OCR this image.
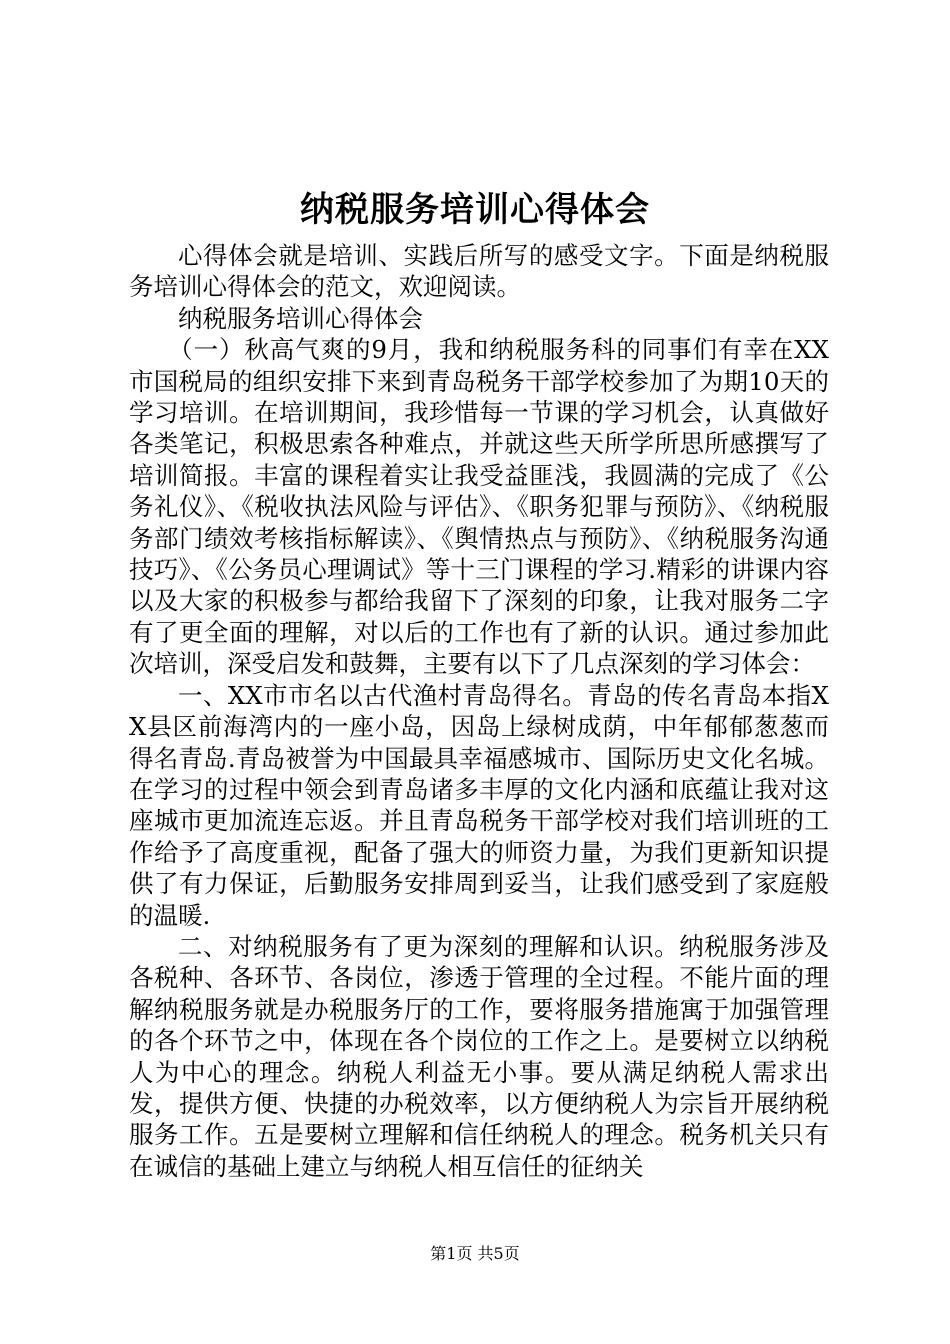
纳税服务培训心得体会

心得体会就是培训、实践后所写的感受文字。下面是纳税服务培训心得体会的范文，欢迎阅读。

纳税服务培训心得体会

（一）秋高气爽的9月，我和纳税服务科的同事们有幸在XX市国税局的组织安排下来到青岛税务干部学校参加了为期10天的学习培训。在培训期间，我珍惜每一节课的学习机会，认真做好各类笔记，积极思索各种难点，并就这些天所学所思所感撰写了培训简报。丰富的课程着实让我受益匪浅，我圆满的完成了《公务礼仪》、《税收执法风险与评估》、《职务犯罪与预防》、《纳税服务部门绩效考核指标解读》、《舆情热点与预防》、《纳税服务沟通技巧》、《公务员心理调试》等十三门课程的学习.精彩的讲课内容以及大家的积极参与都给我留下了深刻的印象，让我对服务二字有了更全面的理解，对以后的工作也有了新的认识。通过参加此次培训，深受启发和鼓舞，主要有以下了几点深刻的学习体会：

一、XX市市名以古代渔村青岛得名。青岛的传名青岛本指XX县区前海湾内的一座小岛，因岛上绿树成荫，中年郁郁葱葱而得名青岛.青岛被誉为中国最具幸福感城市、国际历史文化名城。在学习的过程中领会到青岛诸多丰厚的文化内涵和底蕴让我对这座城市更加流连忘返。并且青岛税务干部学校对我们培训班的工作给予了高度重视，配备了强大的师资力量，为我们更新知识提供了有力保证，后勤服务安排周到妥当，让我们感受到了家庭般的温暖.

二、对纳税服务有了更为深刻的理解和认识。纳税服务涉及各税种、各环节、各岗位，渗透于管理的全过程。不能片面的理解纳税服务就是办税服务厅的工作，要将服务措施寓于加强管理的各个环节之中，体现在各个岗位的工作之上。是要树立以纳税人为中心的理念。纳税人利益无小事。要从满足纳税人需求出发，提供方便、快捷的办税效率，以方便纳税人为宗旨开展纳税服务工作。五是要树立理解和信任纳税人的理念。税务机关只有在诚信的基础上建立与纳税人相互信任的征纳关

第1页 共5页
